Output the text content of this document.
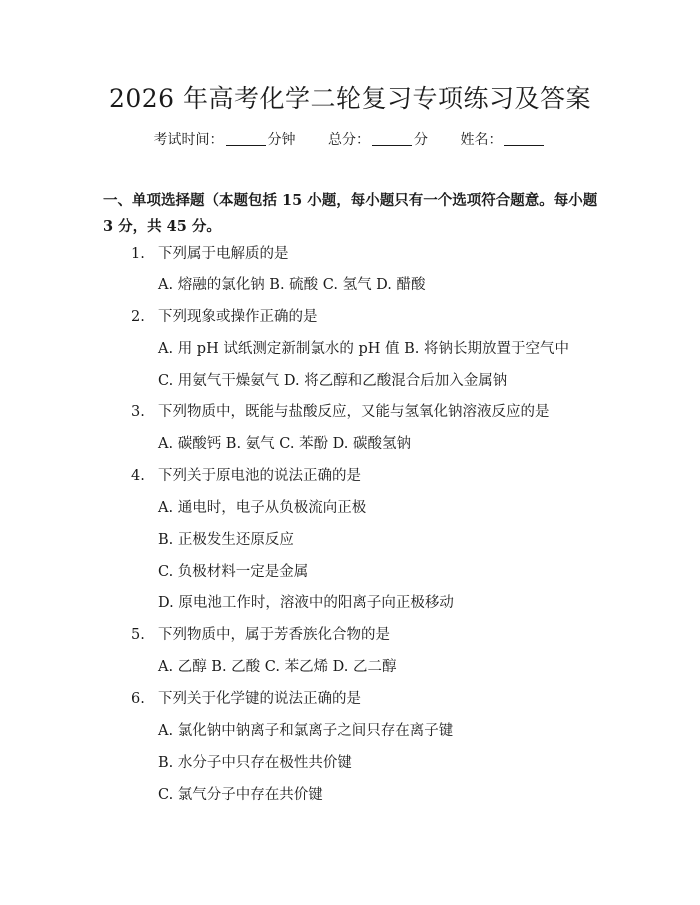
2026 年高考化学二轮复习专项练习及答案
考试时间：	分钟 总分：	分 姓名：
一、单项选择题（本题包括 15 小题，每小题只有一个选项符合题意。每小题 3 分，共 45 分。
1. 下列属于电解质的是
A. 熔融的氯化钠 B. 硫酸 C. 氢气 D. 醋酸
2. 下列现象或操作正确的是
A. 用 pH 试纸测定新制氯水的 pH 值 B. 将钠长期放置于空气中
C. 用氨气干燥氨气 D. 将乙醇和乙酸混合后加入金属钠
3. 下列物质中，既能与盐酸反应，又能与氢氧化钠溶液反应的是
A. 碳酸钙 B. 氨气 C. 苯酚 D. 碳酸氢钠
4. 下列关于原电池的说法正确的是
A. 通电时，电子从负极流向正极
B. 正极发生还原反应
C. 负极材料一定是金属
D. 原电池工作时，溶液中的阳离子向正极移动
5. 下列物质中，属于芳香族化合物的是
A. 乙醇 B. 乙酸 C. 苯乙烯 D. 乙二醇
6. 下列关于化学键的说法正确的是
A. 氯化钠中钠离子和氯离子之间只存在离子键
B. 水分子中只存在极性共价键
C. 氯气分子中存在共价键
